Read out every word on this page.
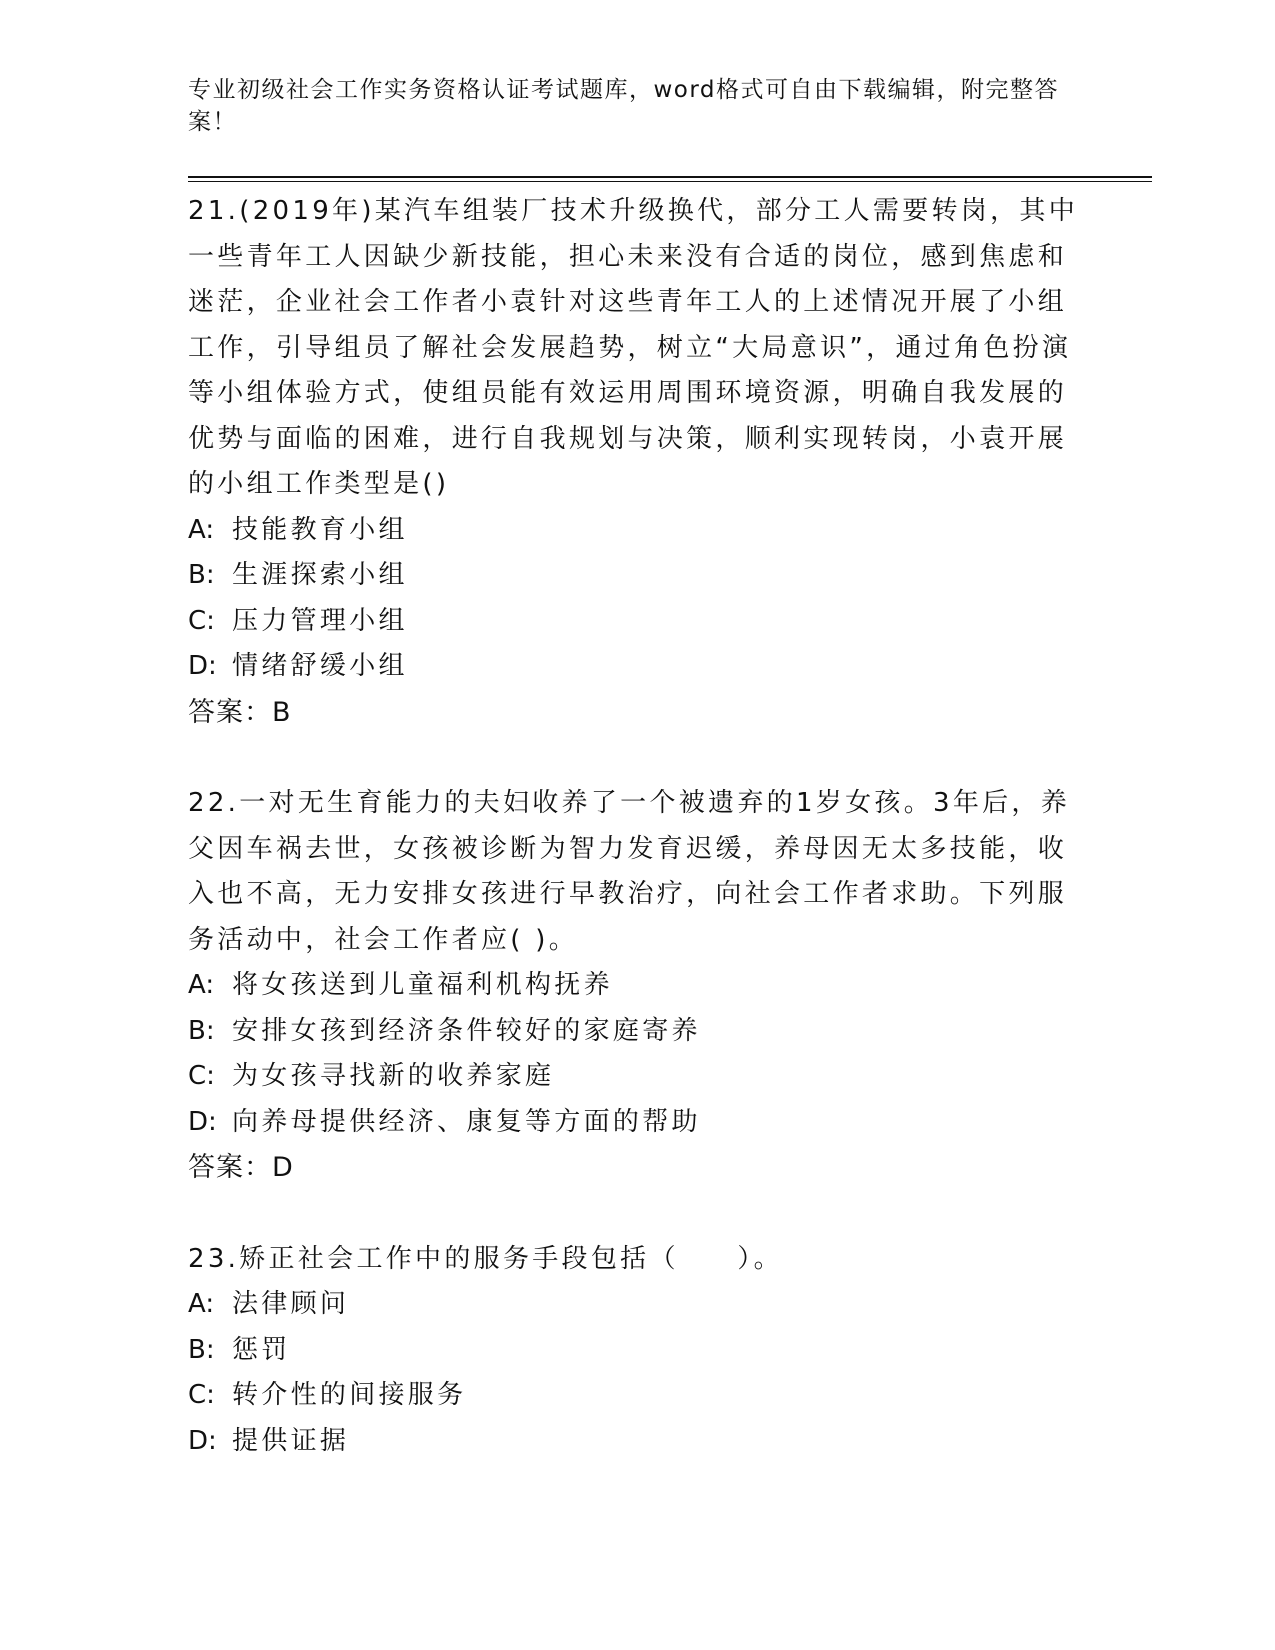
专业初级社会工作实务资格认证考试题库，word格式可自由下载编辑，附完整答案！

21.(2019年)某汽车组装厂技术升级换代，部分工人需要转岗，其中一些青年工人因缺少新技能，担心未来没有合适的岗位，感到焦虑和迷茫，企业社会工作者小袁针对这些青年工人的上述情况开展了小组工作，引导组员了解社会发展趋势，树立“大局意识”，通过角色扮演等小组体验方式，使组员能有效运用周围环境资源，明确自我发展的优势与面临的困难，进行自我规划与决策，顺利实现转岗，小袁开展的小组工作类型是()

A: 技能教育小组

B: 生涯探索小组

C: 压力管理小组

D: 情绪舒缓小组

答案：B

22.一对无生育能力的夫妇收养了一个被遗弃的1岁女孩。3年后，养父因车祸去世，女孩被诊断为智力发育迟缓，养母因无太多技能，收入也不高，无力安排女孩进行早教治疗，向社会工作者求助。下列服务活动中，社会工作者应( )。

A: 将女孩送到儿童福利机构抚养

B: 安排女孩到经济条件较好的家庭寄养

C: 为女孩寻找新的收养家庭

D: 向养母提供经济、康复等方面的帮助

答案：D

23.矫正社会工作中的服务手段包括（　　）。

A: 法律顾问

B: 惩罚

C: 转介性的间接服务

D: 提供证据
